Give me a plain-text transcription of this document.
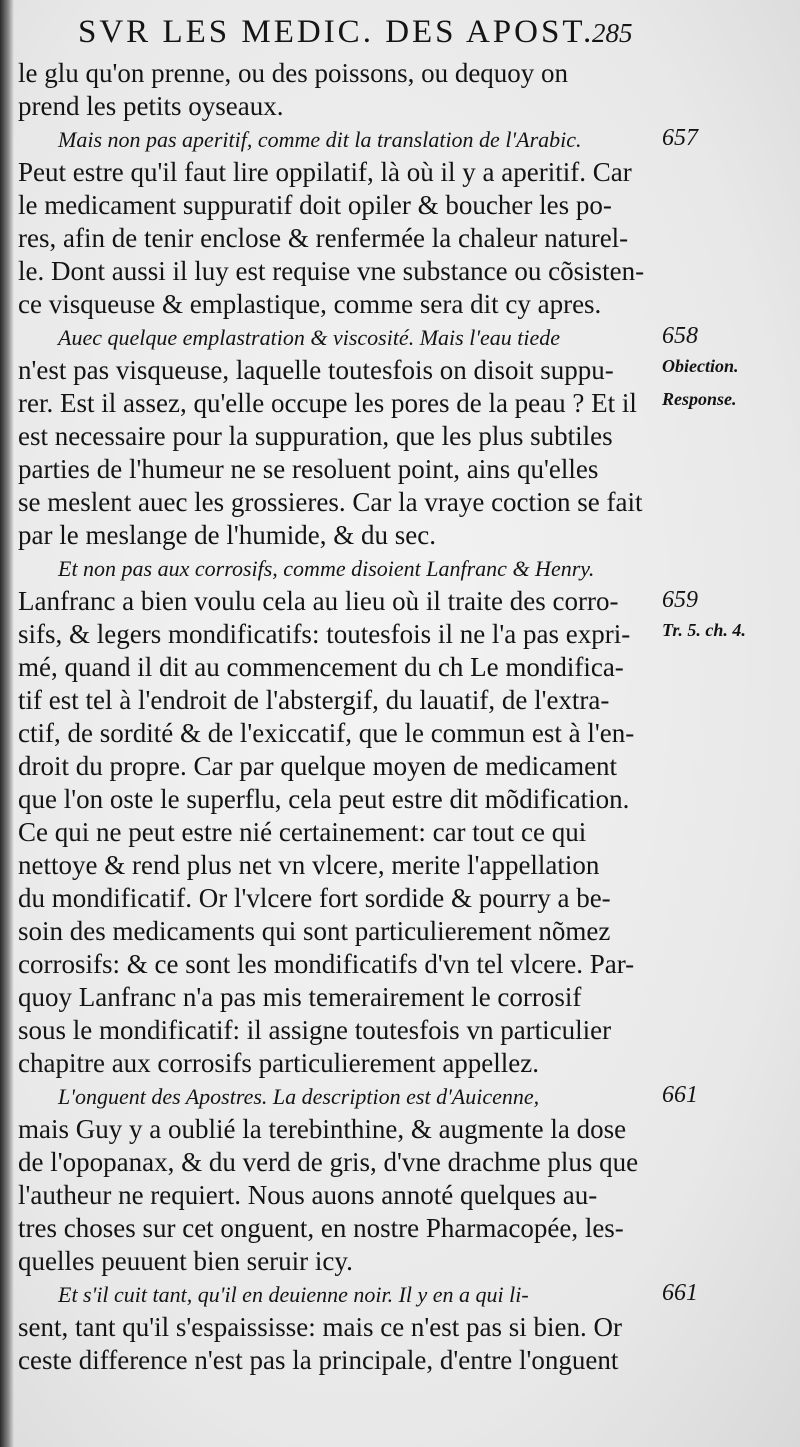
SVR LES MEDIC. DES APOST.
285
le glu qu'on prenne, ou des poissons, ou dequoy on
prend les petits oyseaux.
Mais non pas aperitif, comme dit la translation de l'Arabic.
Peut estre qu'il faut lire oppilatif, là où il y a aperitif. Car
le medicament suppuratif doit opiler & boucher les po-
res, afin de tenir enclose & renfermée la chaleur naturel-
le. Dont aussi il luy est requise vne substance ou cõsisten-
ce visqueuse & emplastique, comme sera dit cy apres.
Auec quelque emplastration & viscosité. Mais l'eau tiede
n'est pas visqueuse, laquelle toutesfois on disoit suppu-
rer. Est il assez, qu'elle occupe les pores de la peau ? Et il
est necessaire pour la suppuration, que les plus subtiles
parties de l'humeur ne se resoluent point, ains qu'elles
se meslent auec les grossieres. Car la vraye coction se fait
par le meslange de l'humide, & du sec.
Et non pas aux corrosifs, comme disoient Lanfranc & Henry.
Lanfranc a bien voulu cela au lieu où il traite des corro-
sifs, & legers mondificatifs: toutesfois il ne l'a pas expri-
mé, quand il dit au commencement du ch Le mondifica-
tif est tel à l'endroit de l'abstergif, du lauatif, de l'extra-
ctif, de sordité & de l'exiccatif, que le commun est à l'en-
droit du propre. Car par quelque moyen de medicament
que l'on oste le superflu, cela peut estre dit mõdification.
Ce qui ne peut estre nié certainement: car tout ce qui
nettoye & rend plus net vn vlcere, merite l'appellation
du mondificatif. Or l'vlcere fort sordide & pourry a be-
soin des medicaments qui sont particulierement nõmez
corrosifs: & ce sont les mondificatifs d'vn tel vlcere. Par-
quoy Lanfranc n'a pas mis temerairement le corrosif
sous le mondificatif: il assigne toutesfois vn particulier
chapitre aux corrosifs particulierement appellez.
L'onguent des Apostres. La description est d'Auicenne,
mais Guy y a oublié la terebinthine, & augmente la dose
de l'opopanax, & du verd de gris, d'vne drachme plus que
l'autheur ne requiert. Nous auons annoté quelques au-
tres choses sur cet onguent, en nostre Pharmacopée, les-
quelles peuuent bien seruir icy.
Et s'il cuit tant, qu'il en deuienne noir. Il y en a qui li-
sent, tant qu'il s'espaississe: mais ce n'est pas si bien. Or
ceste difference n'est pas la principale, d'entre l'onguent
657
658
Obiection.
Response.
659
Tr. 5. ch. 4.
661
661
